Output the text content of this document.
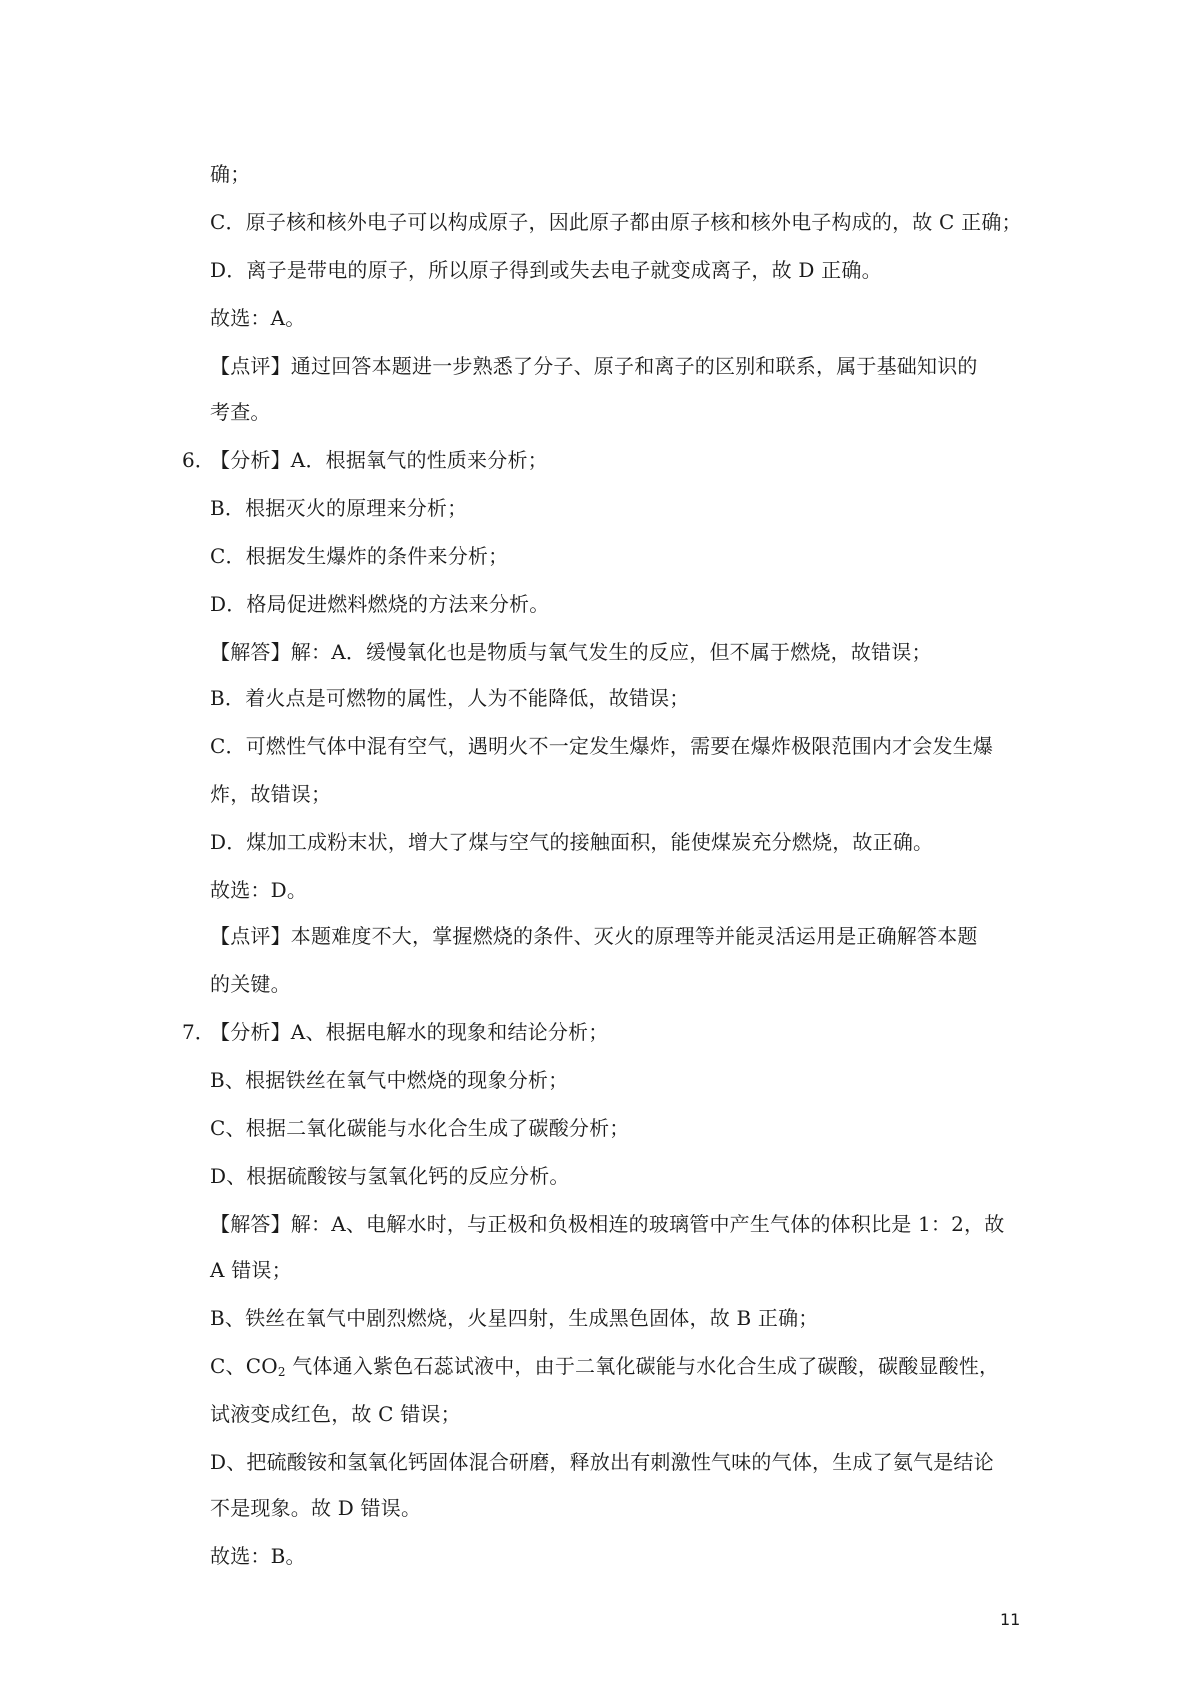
确；
C．原子核和核外电子可以构成原子，因此原子都由原子核和核外电子构成的，故 C 正确；
D．离子是带电的原子，所以原子得到或失去电子就变成离子，故 D 正确。
故选：A。
【点评】通过回答本题进一步熟悉了分子、原子和离子的区别和联系，属于基础知识的
考查。
6．
【分析】A．根据氧气的性质来分析；
B．根据灭火的原理来分析；
C．根据发生爆炸的条件来分析；
D．格局促进燃料燃烧的方法来分析。
【解答】解：A．缓慢氧化也是物质与氧气发生的反应，但不属于燃烧，故错误；
B．着火点是可燃物的属性，人为不能降低，故错误；
C．可燃性气体中混有空气，遇明火不一定发生爆炸，需要在爆炸极限范围内才会发生爆
炸，故错误；
D．煤加工成粉末状，增大了煤与空气的接触面积，能使煤炭充分燃烧，故正确。
故选：D。
【点评】本题难度不大，掌握燃烧的条件、灭火的原理等并能灵活运用是正确解答本题
的关键。
7．
【分析】A、根据电解水的现象和结论分析；
B、根据铁丝在氧气中燃烧的现象分析；
C、根据二氧化碳能与水化合生成了碳酸分析；
D、根据硫酸铵与氢氧化钙的反应分析。
【解答】解：A、电解水时，与正极和负极相连的玻璃管中产生气体的体积比是 1：2，故
A 错误；
B、铁丝在氧气中剧烈燃烧，火星四射，生成黑色固体，故 B 正确；
C、$CO_2$ 气体通入紫色石蕊试液中，由于二氧化碳能与水化合生成了碳酸，碳酸显酸性，
试液变成红色，故 C 错误；
D、把硫酸铵和氢氧化钙固体混合研磨，释放出有刺激性气味的气体，生成了氨气是结论
不是现象。故 D 错误。
故选：B。
11
